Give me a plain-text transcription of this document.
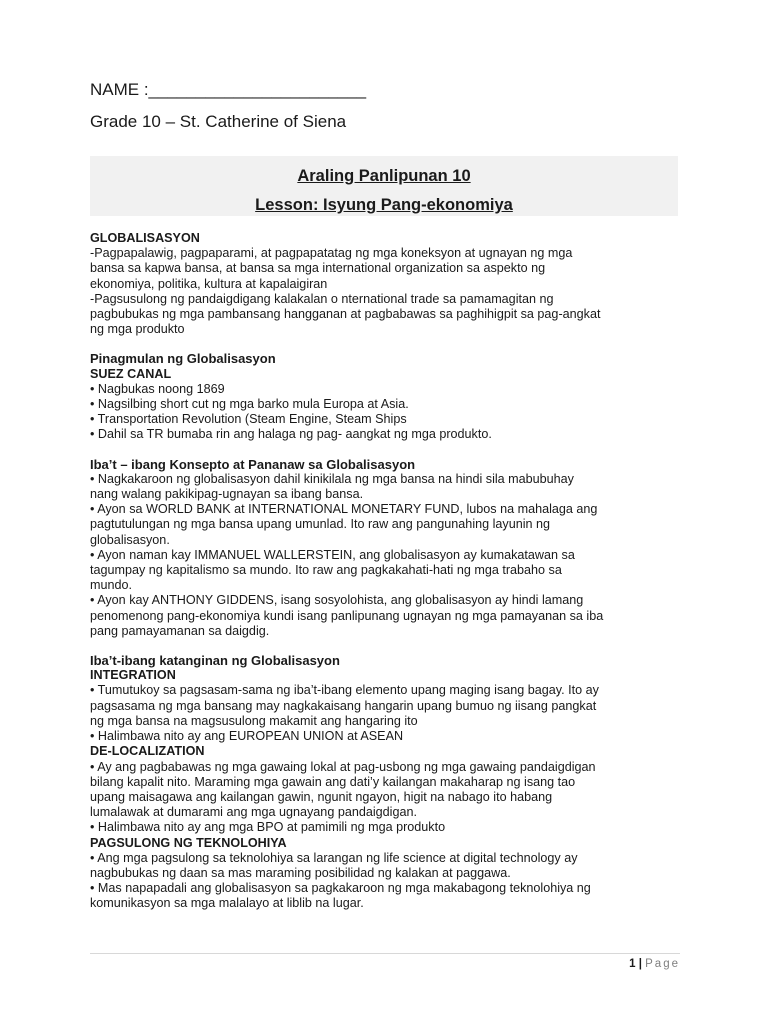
NAME :_______________________
Grade 10 – St. Catherine of Siena
Araling Panlipunan 10
Lesson: Isyung Pang-ekonomiya

GLOBALISASYON

-Pagpapalawig, pagpaparami, at pagpapatatag ng mga koneksyon at ugnayan ng mga

bansa sa kapwa bansa, at bansa sa mga international organization sa aspekto ng

ekonomiya, politika, kultura at kapalaigiran

-Pagsusulong ng pandaigdigang kalakalan o nternational trade sa pamamagitan ng

pagbubukas ng mga pambansang hangganan at pagbabawas sa paghihigpit sa pag-angkat

ng mga produkto

Pinagmulan ng Globalisasyon

SUEZ CANAL

• Nagbukas noong 1869

• Nagsilbing short cut ng mga barko mula Europa at Asia.

• Transportation Revolution (Steam Engine, Steam Ships

• Dahil sa TR bumaba rin ang halaga ng pag- aangkat ng mga produkto.

Iba’t – ibang Konsepto at Pananaw sa Globalisasyon

• Nagkakaroon ng globalisasyon dahil kinikilala ng mga bansa na hindi sila mabubuhay

nang walang pakikipag-ugnayan sa ibang bansa.

• Ayon sa WORLD BANK at INTERNATIONAL MONETARY FUND, lubos na mahalaga ang

pagtutulungan ng mga bansa upang umunlad. Ito raw ang pangunahing layunin ng

globalisasyon.

• Ayon naman kay IMMANUEL WALLERSTEIN, ang globalisasyon ay kumakatawan sa

tagumpay ng kapitalismo sa mundo. Ito raw ang pagkakahati-hati ng mga trabaho sa

mundo.

• Ayon kay ANTHONY GIDDENS, isang sosyolohista, ang globalisasyon ay hindi lamang

penomenong pang-ekonomiya kundi isang panlipunang ugnayan ng mga pamayanan sa iba

pang pamayamanan sa daigdig.

Iba’t-ibang katanginan ng Globalisasyon

INTEGRATION

• Tumutukoy sa pagsasam-sama ng iba’t-ibang elemento upang maging isang bagay. Ito ay

pagsasama ng mga bansang may nagkakaisang hangarin upang bumuo ng iisang pangkat

ng mga bansa na magsusulong makamit ang hangaring ito

• Halimbawa nito ay ang EUROPEAN UNION at ASEAN

DE-LOCALIZATION

• Ay ang pagbabawas ng mga gawaing lokal at pag-usbong ng mga gawaing pandaigdigan

bilang kapalit nito. Maraming mga gawain ang dati’y kailangan makaharap ng isang tao

upang maisagawa ang kailangan gawin, ngunit ngayon, higit na nabago ito habang

lumalawak at dumarami ang mga ugnayang pandaigdigan.

• Halimbawa nito ay ang mga BPO at pamimili ng mga produkto

PAGSULONG NG TEKNOLOHIYA

• Ang mga pagsulong sa teknolohiya sa larangan ng life science at digital technology ay

nagbubukas ng daan sa mas maraming posibilidad ng kalakan at paggawa.

• Mas napapadali ang globalisasyon sa pagkakaroon ng mga makabagong teknolohiya ng

komunikasyon sa mga malalayo at liblib na lugar.

1 | Page
